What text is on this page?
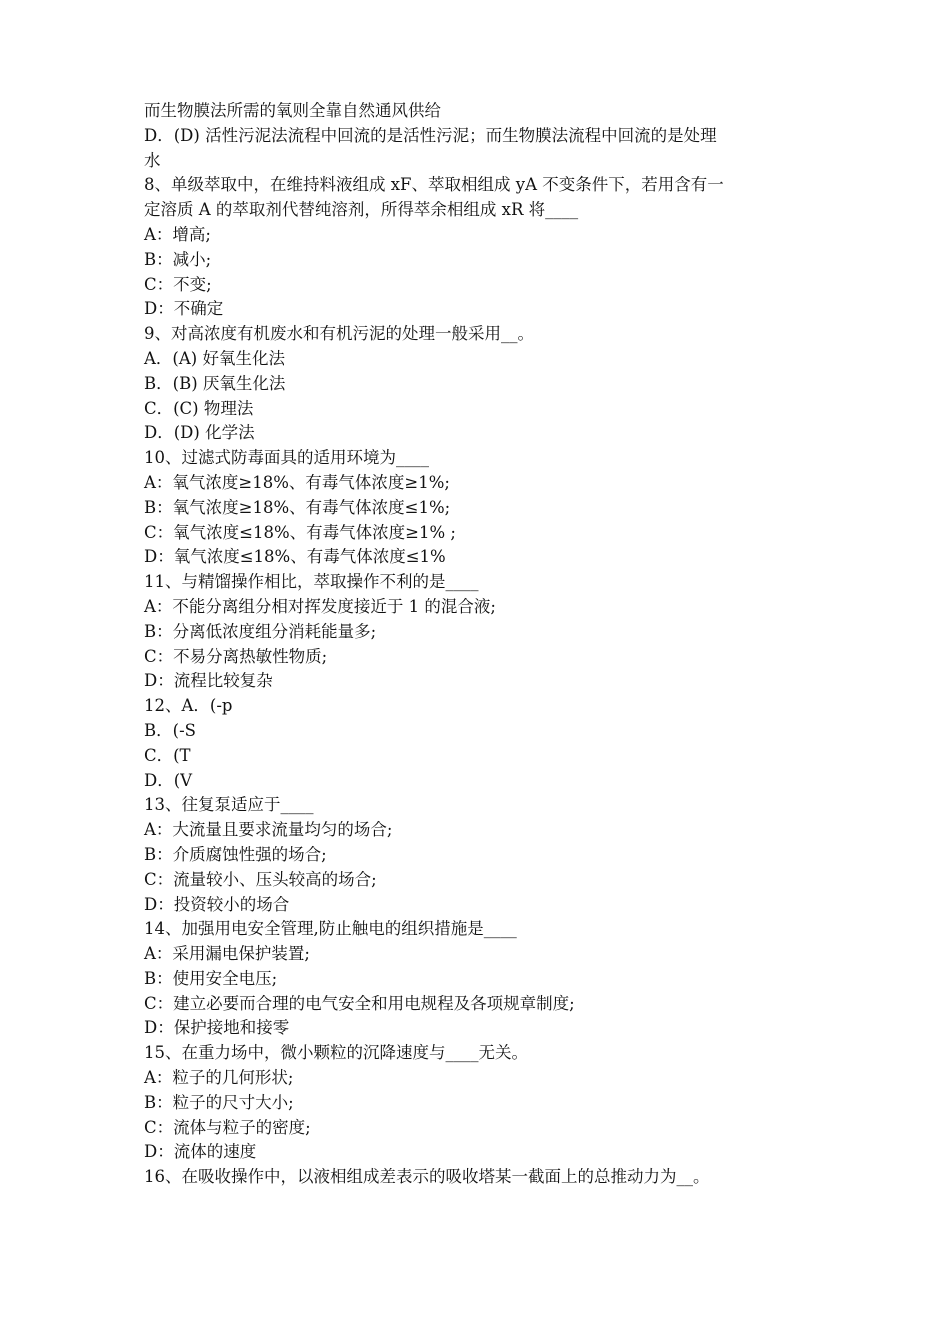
而生物膜法所需的氧则全靠自然通风供给
D．(D) 活性污泥法流程中回流的是活性污泥；而生物膜法流程中回流的是处理
水
8、单级萃取中，在维持料液组成 xF、萃取相组成 yA 不变条件下，若用含有一
定溶质 A 的萃取剂代替纯溶剂，所得萃余相组成 xR 将____
A：增高;
B：减小;
C：不变;
D：不确定
9、对高浓度有机废水和有机污泥的处理一般采用__。
A．(A) 好氧生化法
B．(B) 厌氧生化法
C．(C) 物理法
D．(D) 化学法
10、过滤式防毒面具的适用环境为____
A：氧气浓度≥18%、有毒气体浓度≥1%;
B：氧气浓度≥18%、有毒气体浓度≤1%;
C：氧气浓度≤18%、有毒气体浓度≥1% ;
D：氧气浓度≤18%、有毒气体浓度≤1%
11、与精馏操作相比，萃取操作不利的是____
A：不能分离组分相对挥发度接近于 1 的混合液;
B：分离低浓度组分消耗能量多;
C：不易分离热敏性物质;
D：流程比较复杂
12、A．(-p
B．(-S
C．(T
D．(V
13、往复泵适应于____
A：大流量且要求流量均匀的场合;
B：介质腐蚀性强的场合;
C：流量较小、压头较高的场合;
D：投资较小的场合
14、加强用电安全管理,防止触电的组织措施是____
A：采用漏电保护装置;
B：使用安全电压;
C：建立必要而合理的电气安全和用电规程及各项规章制度;
D：保护接地和接零
15、在重力场中，微小颗粒的沉降速度与____无关。
A：粒子的几何形状;
B：粒子的尺寸大小;
C：流体与粒子的密度;
D：流体的速度
16、在吸收操作中，以液相组成差表示的吸收塔某一截面上的总推动力为__。
